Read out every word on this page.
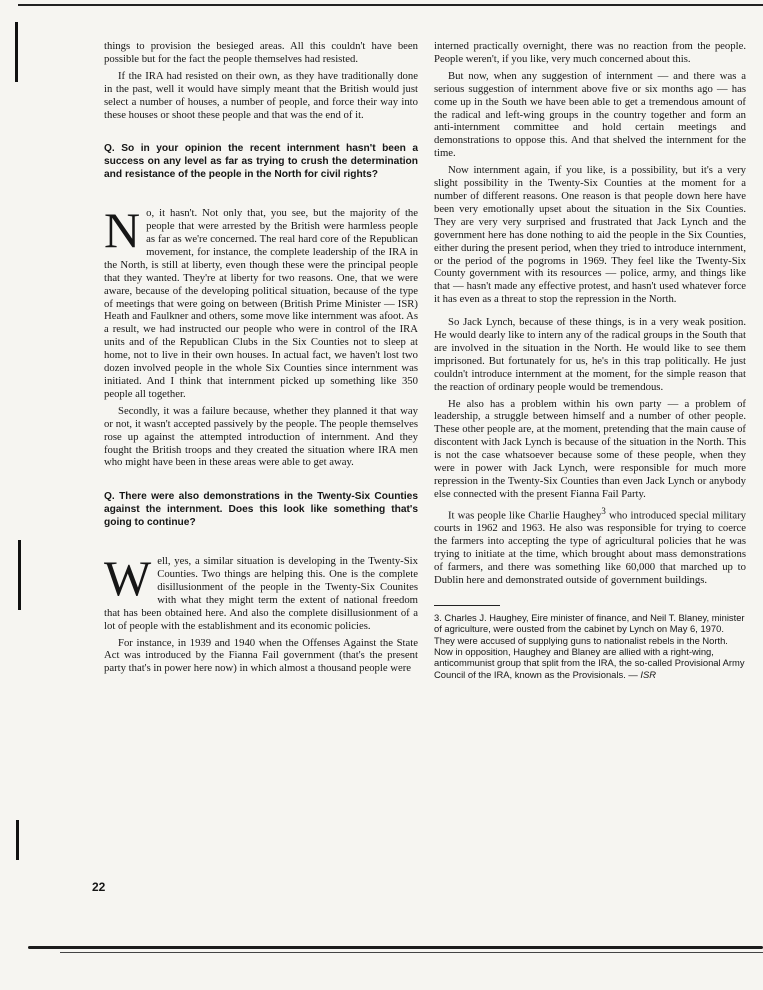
things to provision the besieged areas. All this couldn't have been possible but for the fact the people themselves had resisted.

If the IRA had resisted on their own, as they have traditionally done in the past, well it would have simply meant that the British would just select a number of houses, a number of people, and force their way into these houses or shoot these people and that was the end of it.

Q. So in your opinion the recent internment hasn't been a success on any level as far as trying to crush the determination and resistance of the people in the North for civil rights?

No, it hasn't. Not only that, you see, but the majority of the people that were arrested by the British were harmless people as far as we're concerned. The real hard core of the Republican movement, for instance, the complete leadership of the IRA in the North, is still at liberty, even though these were the principal people that they wanted. They're at liberty for two reasons. One, that we were aware, because of the developing political situation, because of the type of meetings that were going on between (British Prime Minister — ISR) Heath and Faulkner and others, some move like internment was afoot. As a result, we had instructed our people who were in control of the IRA units and of the Republican Clubs in the Six Counties not to sleep at home, not to live in their own houses. In actual fact, we haven't lost two dozen involved people in the whole Six Counties since internment was initiated. And I think that internment picked up something like 350 people all together.

Secondly, it was a failure because, whether they planned it that way or not, it wasn't accepted passively by the people. The people themselves rose up against the attempted introduction of internment. And they fought the British troops and they created the situation where IRA men who might have been in these areas were able to get away.

Q. There were also demonstrations in the Twenty-Six Counties against the internment. Does this look like something that's going to continue?

Well, yes, a similar situation is developing in the Twenty-Six Counties. Two things are helping this. One is the complete disillusionment of the people in the Twenty-Six Counites with what they might term the extent of national freedom that has been obtained here. And also the complete disillusionment of a lot of people with the establishment and its economic policies.

For instance, in 1939 and 1940 when the Offenses Against the State Act was introduced by the Fianna Fail government (that's the present party that's in power here now) in which almost a thousand people were

interned practically overnight, there was no reaction from the people. People weren't, if you like, very much concerned about this.

But now, when any suggestion of internment — and there was a serious suggestion of internment above five or six months ago — has come up in the South we have been able to get a tremendous amount of the radical and left-wing groups in the country together and form an anti-internment committee and hold certain meetings and demonstrations to oppose this. And that shelved the internment for the time.

Now internment again, if you like, is a possibility, but it's a very slight possibility in the Twenty-Six Counties at the moment for a number of different reasons. One reason is that people down here have been very emotionally upset about the situation in the Six Counties. They are very very surprised and frustrated that Jack Lynch and the government here has done nothing to aid the people in the Six Counties, either during the present period, when they tried to introduce internment, or the period of the pogroms in 1969. They feel like the Twenty-Six County government with its resources — police, army, and things like that — hasn't made any effective protest, and hasn't used whatever force it has even as a threat to stop the repression in the North.

So Jack Lynch, because of these things, is in a very weak position. He would dearly like to intern any of the radical groups in the South that are involved in the situation in the North. He would like to see them imprisoned. But fortunately for us, he's in this trap politically. He just couldn't introduce internment at the moment, for the simple reason that the reaction of ordinary people would be tremendous.

He also has a problem within his own party — a problem of leadership, a struggle between himself and a number of other people. These other people are, at the moment, pretending that the main cause of discontent with Jack Lynch is because of the situation in the North. This is not the case whatsoever because some of these people, when they were in power with Jack Lynch, were responsible for much more repression in the Twenty-Six Counties than even Jack Lynch or anybody else connected with the present Fianna Fail Party.

It was people like Charlie Haughey$^3$ who introduced special military courts in 1962 and 1963. He also was responsible for trying to coerce the farmers into accepting the type of agricultural policies that he was trying to initiate at the time, which brought about mass demonstrations of farmers, and there was something like 60,000 that marched up to Dublin here and demonstrated outside of government buildings.

3. Charles J. Haughey, Eire minister of finance, and Neil T. Blaney, minister of agriculture, were ousted from the cabinet by Lynch on May 6, 1970. They were accused of supplying guns to nationalist rebels in the North. Now in opposition, Haughey and Blaney are allied with a right-wing, anticommunist group that split from the IRA, the so-called Provisional Army Council of the IRA, known as the Provisionals. — ISR

22
